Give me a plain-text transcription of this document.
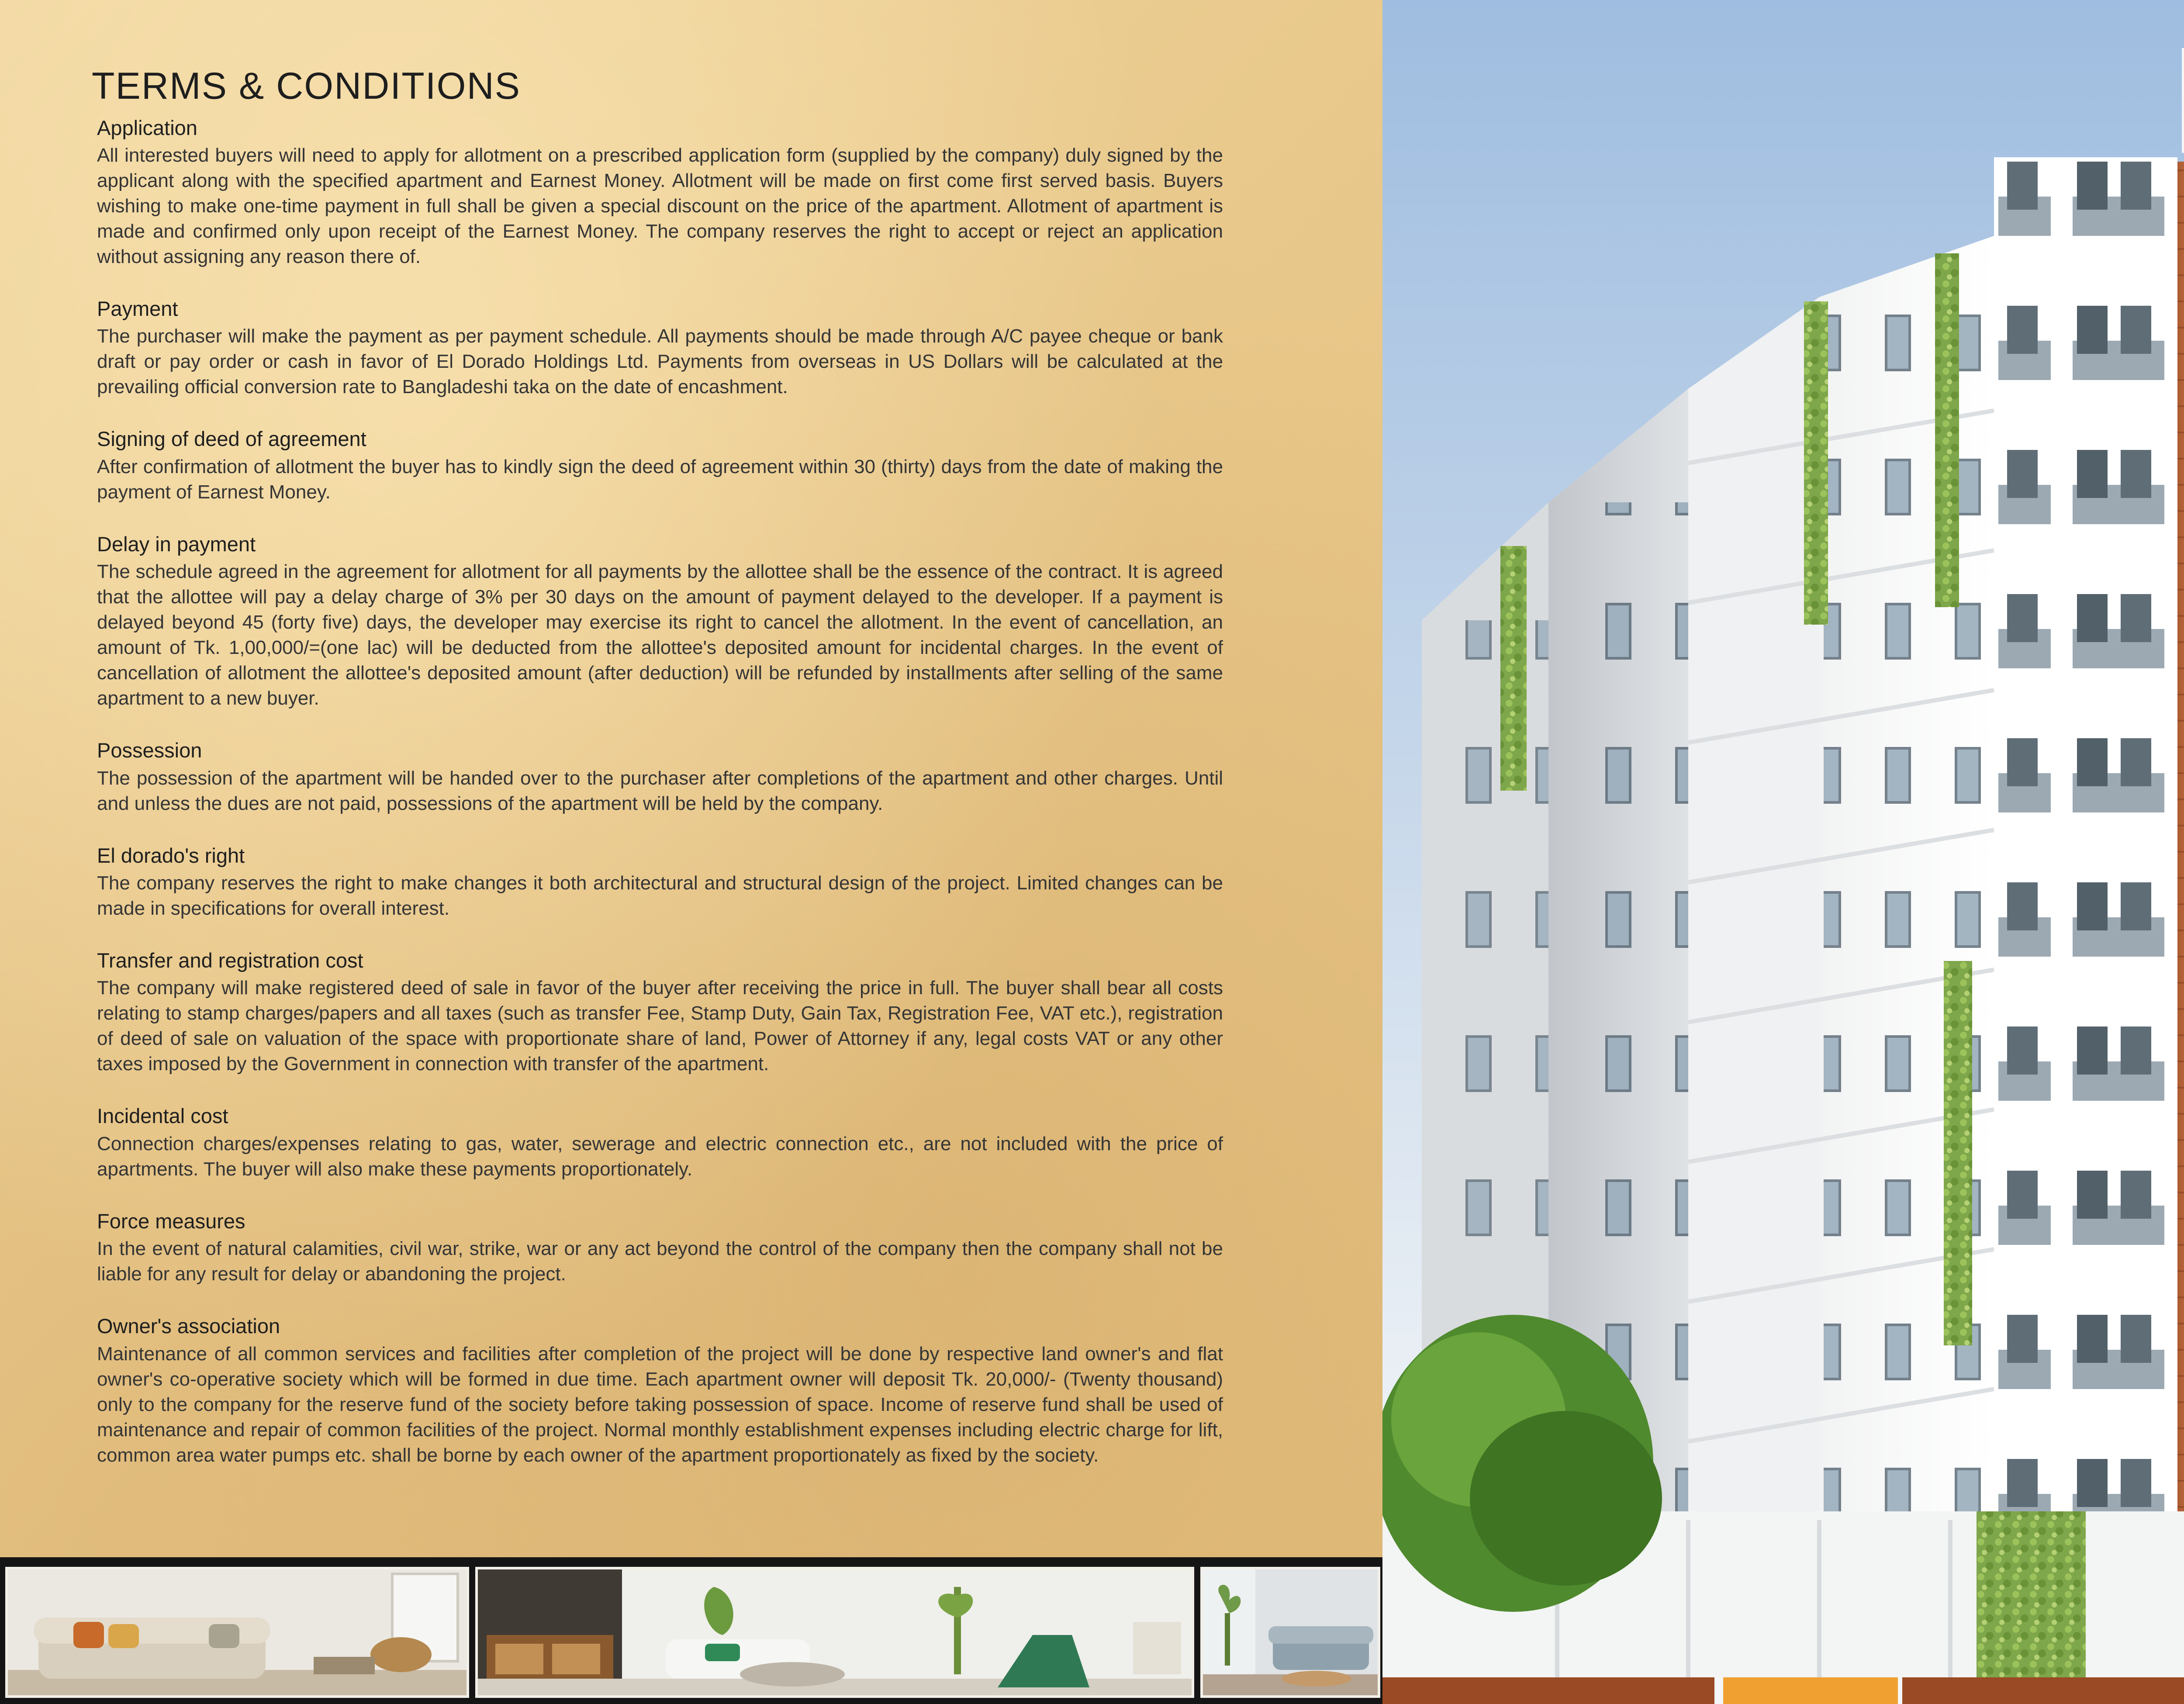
TERMS & CONDITIONS
Application

All interested buyers will need to apply for allotment on a prescribed application form (supplied by the company) duly signed by the applicant along with the specified apartment and Earnest Money. Allotment will be made on first come first served basis. Buyers wishing to make one-time payment in full shall be given a special discount on the price of the apartment. Allotment of apartment is made and confirmed only upon receipt of the Earnest Money. The company reserves the right to accept or reject an application without assigning any reason there of.

Payment

The purchaser will make the payment as per payment schedule. All payments should be made through A/C payee cheque or bank draft or pay order or cash in favor of El Dorado Holdings Ltd. Payments from overseas in US Dollars will be calculated at the prevailing official conversion rate to Bangladeshi taka on the date of encashment.

Signing of deed of agreement

After confirmation of allotment the buyer has to kindly sign the deed of agreement within 30 (thirty) days from the date of making the payment of Earnest Money.

Delay in payment

The schedule agreed in the agreement for allotment for all payments by the allottee shall be the essence of the contract. It is agreed that the allottee will pay a delay charge of 3% per 30 days on the amount of payment delayed to the developer. If a payment is delayed beyond 45 (forty five) days, the developer may exercise its right to cancel the allotment. In the event of cancellation, an amount of Tk. 1,00,000/=(one lac) will be deducted from the allottee's deposited amount for incidental charges. In the event of cancellation of allotment the allottee's deposited amount (after deduction) will be refunded by installments after selling of the same apartment to a new buyer.

Possession

The possession of the apartment will be handed over to the purchaser after completions of the apartment and other charges. Until and unless the dues are not paid, possessions of the apartment will be held by the company.

El dorado's right

The company reserves the right to make changes it both architectural and structural design of the project. Limited changes can be made in specifications for overall interest.

Transfer and registration cost

The company will make registered deed of sale in favor of the buyer after receiving the price in full. The buyer shall bear all costs relating to stamp charges/papers and all taxes (such as transfer Fee, Stamp Duty, Gain Tax, Registration Fee, VAT etc.), registration of deed of sale on valuation of the space with proportionate share of land, Power of Attorney if any, legal costs VAT or any other taxes imposed by the Government in connection with transfer of the apartment.

Incidental cost

Connection charges/expenses relating to gas, water, sewerage and electric connection etc., are not included with the price of apartments. The buyer will also make these payments proportionately.

Force measures

In the event of natural calamities, civil war, strike, war or any act beyond the control of the company then the company shall not be liable for any result for delay or abandoning the project.

Owner's association

Maintenance of all common services and facilities after completion of the project will be done by respective land owner's and flat owner's co-operative society which will be formed in due time. Each apartment owner will deposit Tk. 20,000/- (Twenty thousand) only to the company for the reserve fund of the society before taking possession of space. Income of reserve fund shall be used of maintenance and repair of common facilities of the project. Normal monthly establishment expenses including electric charge for lift, common area water pumps etc. shall be borne by each owner of the apartment proportionately as fixed by the society.
